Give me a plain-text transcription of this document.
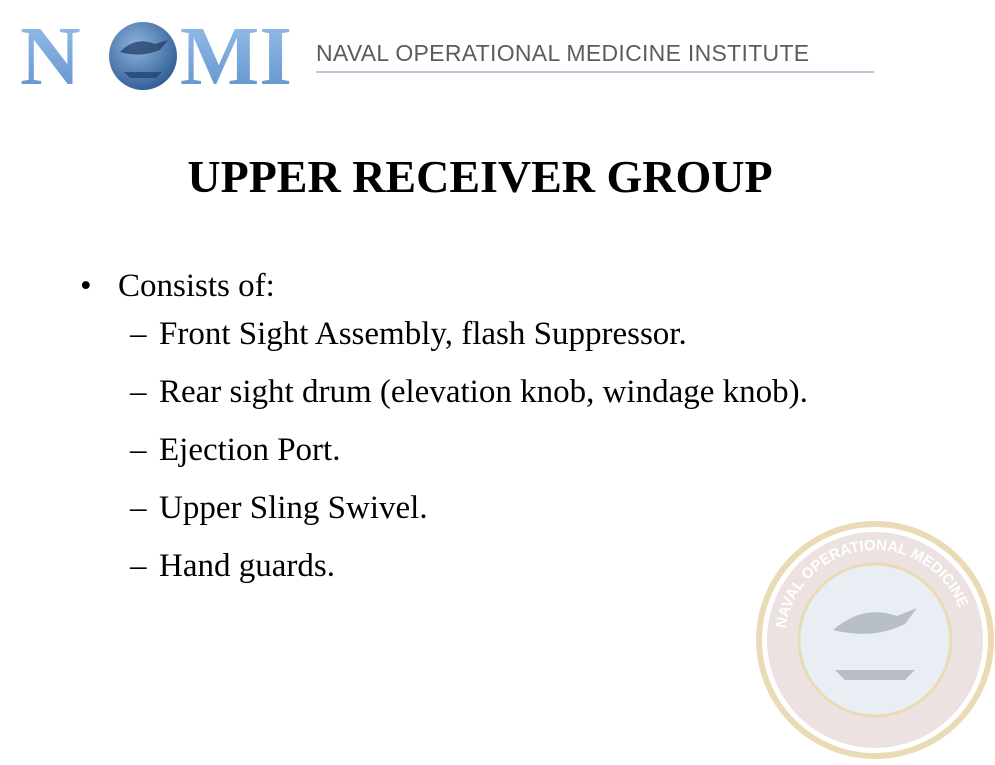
N MI NAVAL OPERATIONAL MEDICINE INSTITUTE
NAVAL OPERATIONAL MEDICINE
UPPER RECEIVER GROUP
• Consists of:
– Front Sight Assembly, flash Suppressor.
– Rear sight drum (elevation knob, windage knob).
– Ejection Port.
– Upper Sling Swivel.
– Hand guards.
